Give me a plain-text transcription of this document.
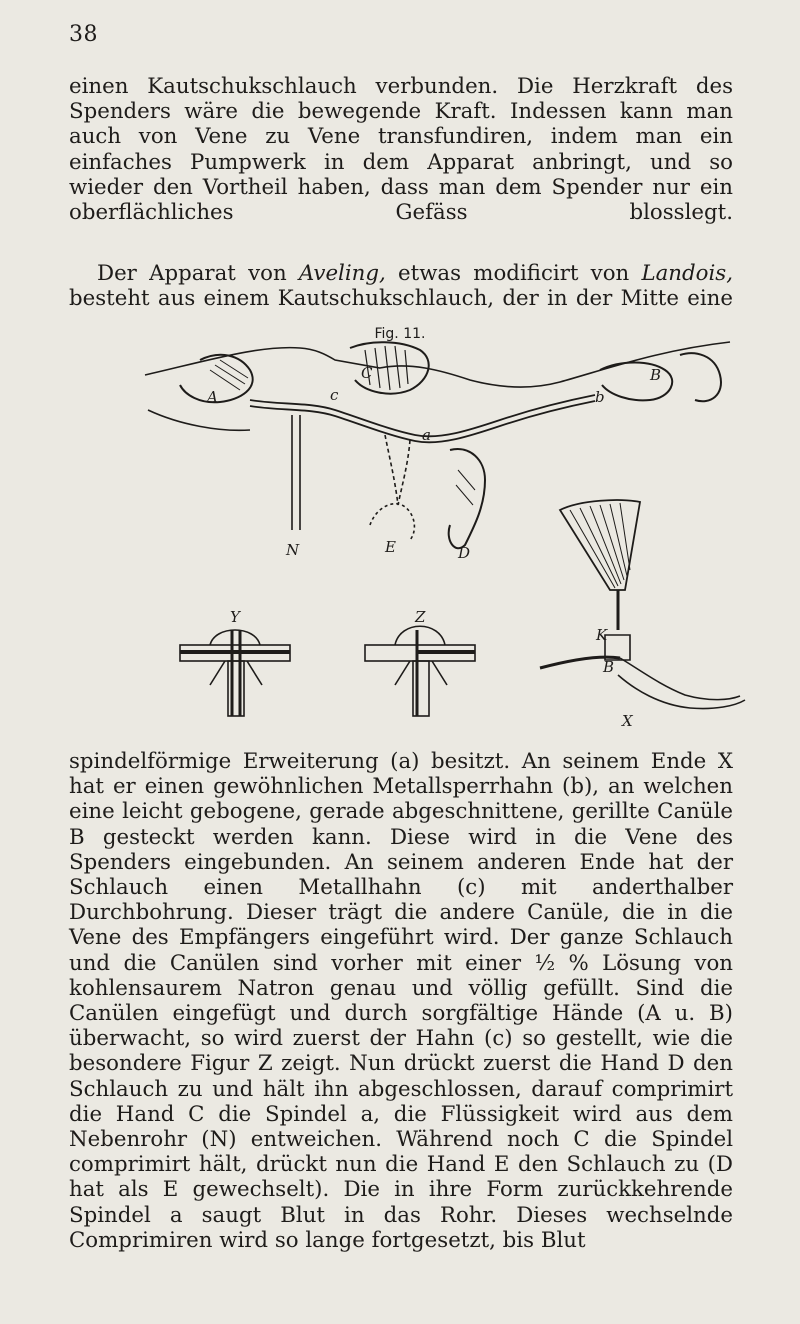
38
einen Kautschukschlauch verbunden. Die Herzkraft des Spenders wäre die bewegende Kraft. Indessen kann man auch von Vene zu Vene transfundiren, indem man ein einfaches Pumpwerk in dem Apparat anbringt, und so wieder den Vortheil haben, dass man dem Spender nur ein oberflächliches Gefäss blosslegt.
Der Apparat von Aveling, etwas modificirt von Landois, besteht aus einem Kautschukschlauch, der in der Mitte eine
Fig. 11.
A
C
c
a
b
B
N	E	D
Y	Z
K
B
X
spindelförmige Erweiterung (a) besitzt. An seinem Ende X hat er einen gewöhnlichen Metallsperrhahn (b), an welchen eine leicht gebogene, gerade abgeschnittene, gerillte Canüle B gesteckt werden kann. Diese wird in die Vene des Spenders eingebunden. An seinem anderen Ende hat der Schlauch einen Metallhahn (c) mit anderthalber Durchbohrung. Dieser trägt die andere Canüle, die in die Vene des Empfängers eingeführt wird. Der ganze Schlauch und die Canülen sind vorher mit einer ½ % Lösung von kohlensaurem Natron genau und völlig gefüllt. Sind die Canülen eingefügt und durch sorgfältige Hände (A u. B) überwacht, so wird zuerst der Hahn (c) so gestellt, wie die besondere Figur Z zeigt. Nun drückt zuerst die Hand D den Schlauch zu und hält ihn abgeschlossen, darauf comprimirt die Hand C die Spindel a, die Flüssigkeit wird aus dem Nebenrohr (N) entweichen. Während noch C die Spindel comprimirt hält, drückt nun die Hand E den Schlauch zu (D hat als E gewechselt). Die in ihre Form zurückkehrende Spindel a saugt Blut in das Rohr. Dieses wechselnde Comprimiren wird so lange fortgesetzt, bis Blut
